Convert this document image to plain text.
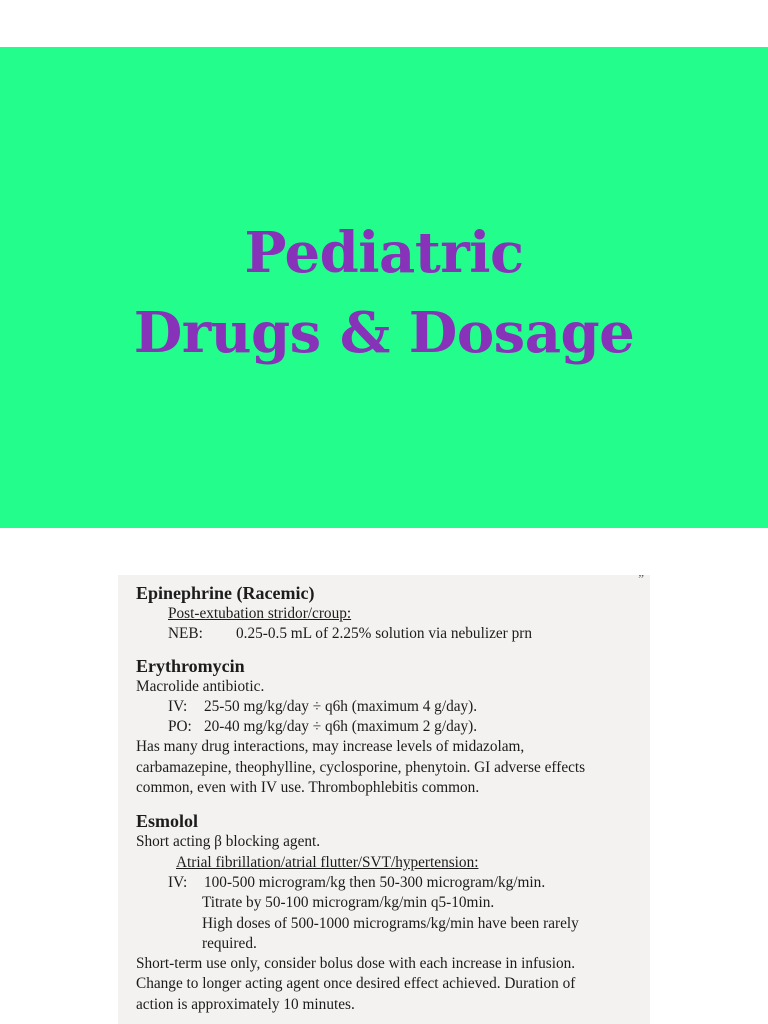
Pediatric
Drugs & Dosage
”
Epinephrine (Racemic)
Post-extubation stridor/croup:
NEB: 0.25-0.5 mL of 2.25% solution via nebulizer prn
Erythromycin
Macrolide antibiotic.
IV: 25-50 mg/kg/day ÷ q6h (maximum 4 g/day).
PO: 20-40 mg/kg/day ÷ q6h (maximum 2 g/day).
Has many drug interactions, may increase levels of midazolam,
carbamazepine, theophylline, cyclosporine, phenytoin. GI adverse effects
common, even with IV use. Thrombophlebitis common.
Esmolol
Short acting β blocking agent.
Atrial fibrillation/atrial flutter/SVT/hypertension:
IV: 100-500 microgram/kg then 50-300 microgram/kg/min.
Titrate by 50-100 microgram/kg/min q5-10min.
High doses of 500-1000 micrograms/kg/min have been rarely
required.
Short-term use only, consider bolus dose with each increase in infusion.
Change to longer acting agent once desired effect achieved. Duration of
action is approximately 10 minutes.
